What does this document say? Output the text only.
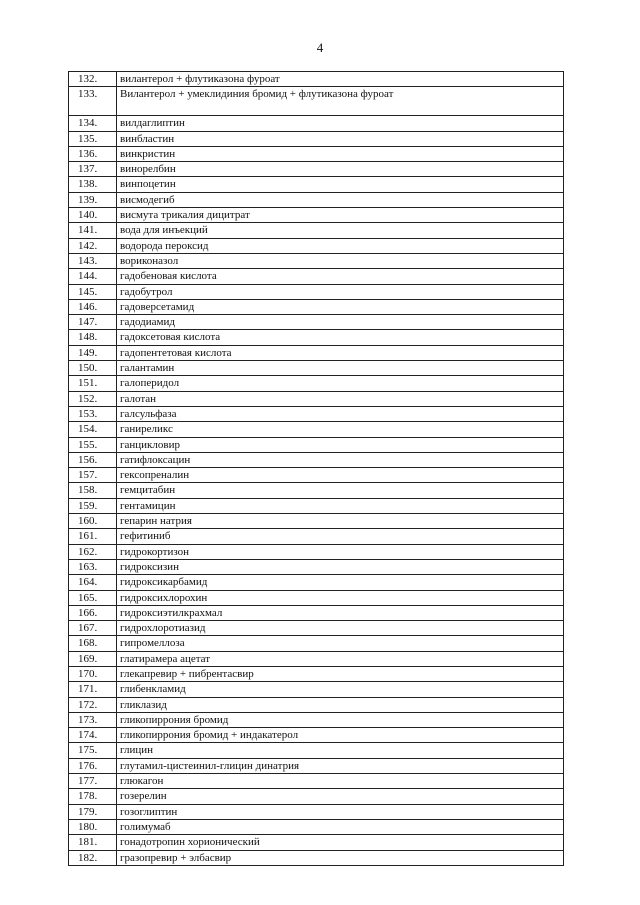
4
132.	вилантерол + флутиказона фуроат
133.	Вилантерол + умеклидиния бромид + флутиказона фуроат
134.	вилдаглиптин
135.	винбластин
136.	винкристин
137.	винорелбин
138.	винпоцетин
139.	висмодегиб
140.	висмута трикалия дицитрат
141.	вода для инъекций
142.	водорода пероксид
143.	вориконазол
144.	гадобеновая кислота
145.	гадобутрол
146.	гадоверсетамид
147.	гадодиамид
148.	гадоксетовая кислота
149.	гадопентетовая кислота
150.	галантамин
151.	галоперидол
152.	галотан
153.	галсульфаза
154.	ганиреликс
155.	ганцикловир
156.	гатифлоксацин
157.	гексопреналин
158.	гемцитабин
159.	гентамицин
160.	гепарин натрия
161.	гефитиниб
162.	гидрокортизон
163.	гидроксизин
164.	гидроксикарбамид
165.	гидроксихлорохин
166.	гидроксиэтилкрахмал
167.	гидрохлоротиазид
168.	гипромеллоза
169.	глатирамера ацетат
170.	глекапревир + пибрентасвир
171.	глибенкламид
172.	гликлазид
173.	гликопиррония бромид
174.	гликопиррония бромид + индакатерол
175.	глицин
176.	глутамил-цистеинил-глицин динатрия
177.	глюкагон
178.	гозерелин
179.	гозоглиптин
180.	голимумаб
181.	гонадотропин хорионический
182.	гразопревир + элбасвир
